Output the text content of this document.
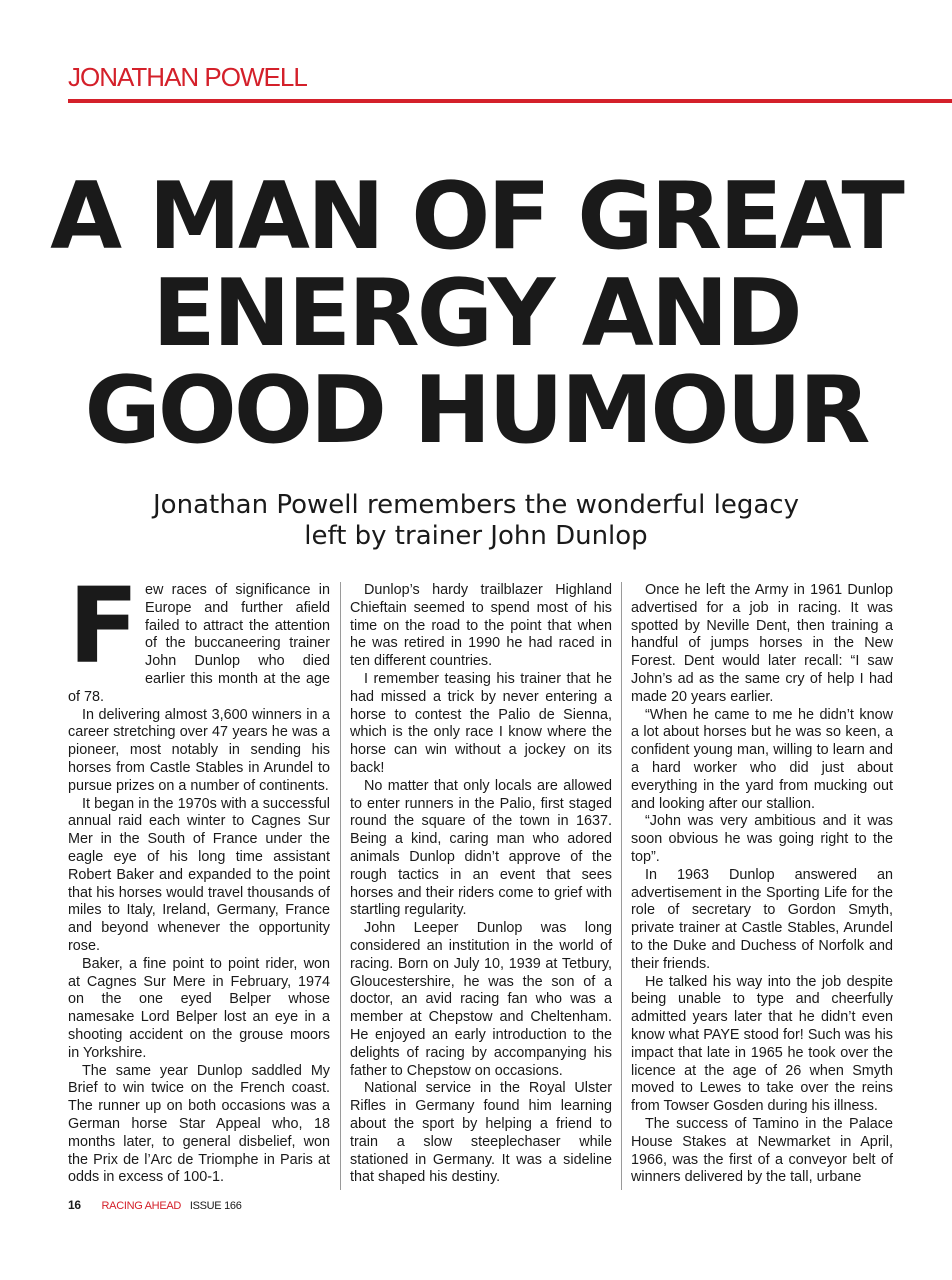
JONATHAN POWELL
A MAN OF GREAT
ENERGY AND
GOOD HUMOUR

Jonathan Powell remembers the wonderful legacy
left by trainer John Dunlop

F ew races of significance in Europe and further afield failed to attract the attention of the buccaneering trainer John Dunlop who died earlier this month at the age of 78.

In delivering almost 3,600 winners in a career stretching over 47 years he was a pioneer, most notably in sending his horses from Castle Stables in Arundel to pursue prizes on a number of continents.

It began in the 1970s with a successful annual raid each winter to Cagnes Sur Mer in the South of France under the eagle eye of his long time assistant Robert Baker and expanded to the point that his horses would travel thousands of miles to Italy, Ireland, Germany, France and beyond whenever the opportunity rose.

Baker, a fine point to point rider, won at Cagnes Sur Mere in February, 1974 on the one eyed Belper whose namesake Lord Belper lost an eye in a shooting accident on the grouse moors in Yorkshire.

The same year Dunlop saddled My Brief to win twice on the French coast. The runner up on both occasions was a German horse Star Appeal who, 18 months later, to general disbelief, won the Prix de l’Arc de Triomphe in Paris at odds in excess of 100-1.

Dunlop’s hardy trailblazer Highland Chieftain seemed to spend most of his time on the road to the point that when he was retired in 1990 he had raced in ten different countries.

I remember teasing his trainer that he had missed a trick by never entering a horse to contest the Palio de Sienna, which is the only race I know where the horse can win without a jockey on its back!

No matter that only locals are allowed to enter runners in the Palio, first staged round the square of the town in 1637. Being a kind, caring man who adored animals Dunlop didn’t approve of the rough tactics in an event that sees horses and their riders come to grief with startling regularity.

John Leeper Dunlop was long considered an institution in the world of racing. Born on July 10, 1939 at Tetbury, Gloucestershire, he was the son of a doctor, an avid racing fan who was a member at Chepstow and Cheltenham. He enjoyed an early introduction to the delights of racing by accompanying his father to Chepstow on occasions.

National service in the Royal Ulster Rifles in Germany found him learning about the sport by helping a friend to train a slow steeplechaser while stationed in Germany. It was a sideline that shaped his destiny.

Once he left the Army in 1961 Dunlop advertised for a job in racing. It was spotted by Neville Dent, then training a handful of jumps horses in the New Forest. Dent would later recall: “I saw John’s ad as the same cry of help I had made 20 years earlier.

“When he came to me he didn’t know a lot about horses but he was so keen, a confident young man, willing to learn and a hard worker who did just about everything in the yard from mucking out and looking after our stallion.

“John was very ambitious and it was soon obvious he was going right to the top”.

In 1963 Dunlop answered an advertisement in the Sporting Life for the role of secretary to Gordon Smyth, private trainer at Castle Stables, Arundel to the Duke and Duchess of Norfolk and their friends.

He talked his way into the job despite being unable to type and cheerfully admitted years later that he didn’t even know what PAYE stood for! Such was his impact that late in 1965 he took over the licence at the age of 26 when Smyth moved to Lewes to take over the reins from Towser Gosden during his illness.

The success of Tamino in the Palace House Stakes at Newmarket in April, 1966, was the first of a conveyor belt of winners delivered by the tall, urbane

16 RACING AHEAD ISSUE 166
